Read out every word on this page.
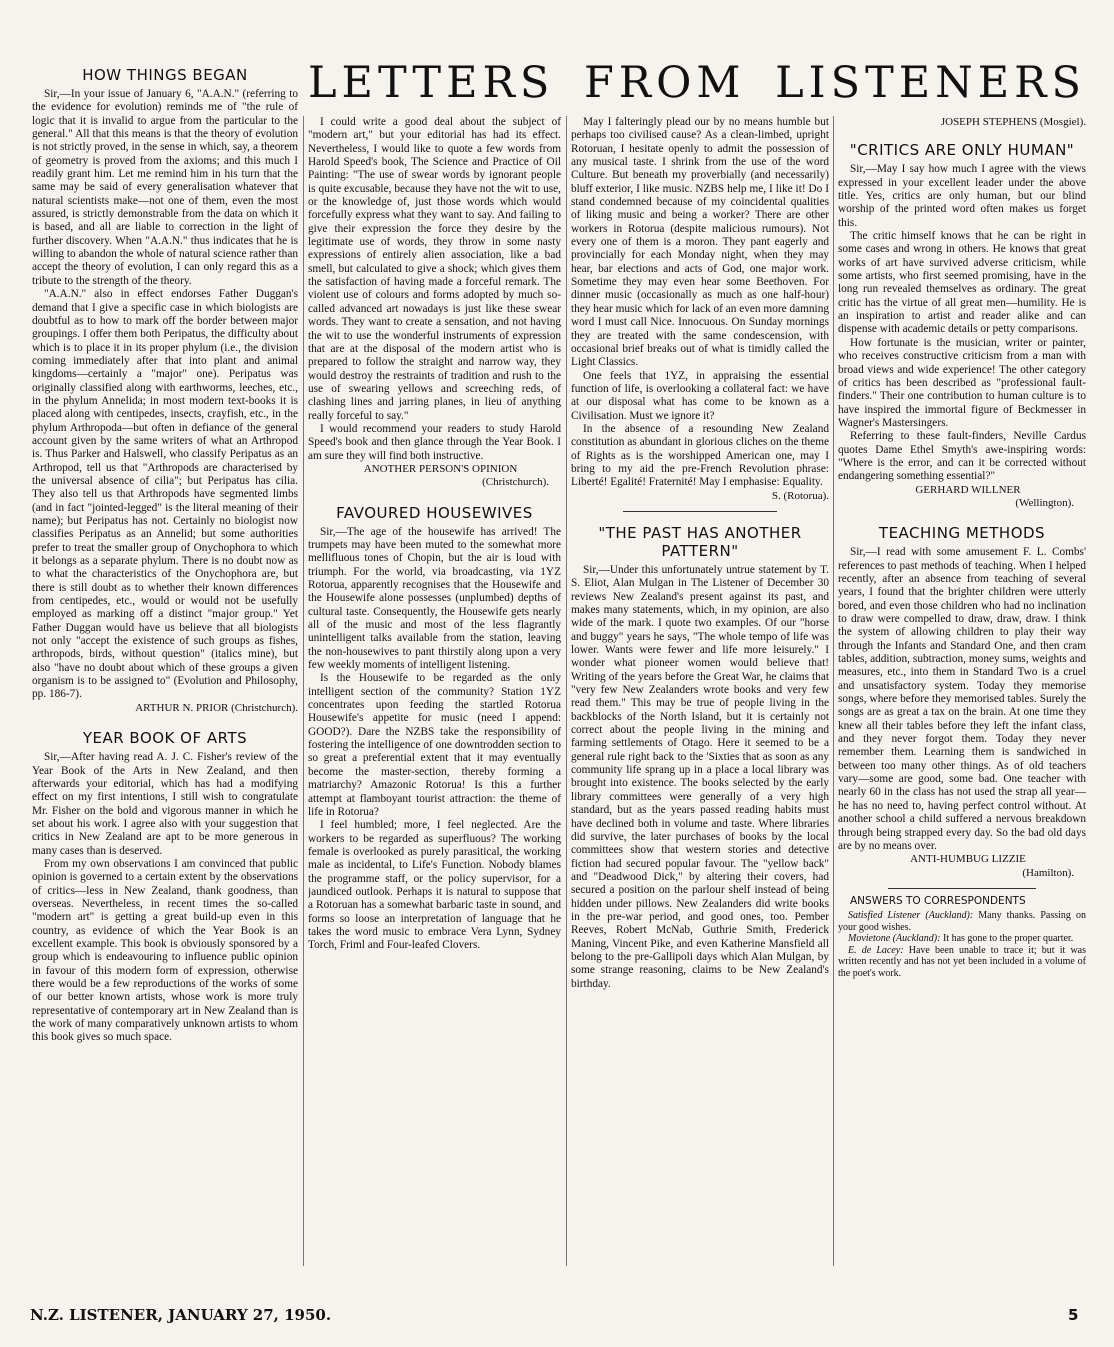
LETTERS FROM LISTENERS
HOW THINGS BEGAN

Sir,—In your issue of January 6, "A.A.N." (referring to the evidence for evolution) reminds me of "the rule of logic that it is invalid to argue from the particular to the general." All that this means is that the theory of evolution is not strictly proved, in the sense in which, say, a theorem of geometry is proved from the axioms; and this much I readily grant him. Let me remind him in his turn that the same may be said of every generalisation whatever that natural scientists make—not one of them, even the most assured, is strictly demonstrable from the data on which it is based, and all are liable to correction in the light of further discovery. When "A.A.N." thus indicates that he is willing to abandon the whole of natural science rather than accept the theory of evolution, I can only regard this as a tribute to the strength of the theory.

"A.A.N." also in effect endorses Father Duggan's demand that I give a specific case in which biologists are doubtful as to how to mark off the border between major groupings. I offer them both Peripatus, the difficulty about which is to place it in its proper phylum (i.e., the division coming immediately after that into plant and animal kingdoms—certainly a "major" one). Peripatus was originally classified along with earthworms, leeches, etc., in the phylum Annelida; in most modern text-books it is placed along with centipedes, insects, crayfish, etc., in the phylum Arthropoda—but often in defiance of the general account given by the same writers of what an Arthropod is. Thus Parker and Halswell, who classify Peripatus as an Arthropod, tell us that "Arthropods are characterised by the universal absence of cilia"; but Peripatus has cilia. They also tell us that Arthropods have segmented limbs (and in fact "jointed-legged" is the literal meaning of their name); but Peripatus has not. Certainly no biologist now classifies Peripatus as an Annelid; but some authorities prefer to treat the smaller group of Onychophora to which it belongs as a separate phylum. There is no doubt now as to what the characteristics of the Onychophora are, but there is still doubt as to whether their known differences from centipedes, etc., would or would not be usefully employed as marking off a distinct "major group." Yet Father Duggan would have us believe that all biologists not only "accept the existence of such groups as fishes, arthropods, birds, without question" (italics mine), but also "have no doubt about which of these groups a given organism is to be assigned to" (Evolution and Philosophy, pp. 186-7).

ARTHUR N. PRIOR (Christchurch).

YEAR BOOK OF ARTS

Sir,—After having read A. J. C. Fisher's review of the Year Book of the Arts in New Zealand, and then afterwards your editorial, which has had a modifying effect on my first intentions, I still wish to congratulate Mr. Fisher on the bold and vigorous manner in which he set about his work. I agree also with your suggestion that critics in New Zealand are apt to be more generous in many cases than is deserved.

From my own observations I am convinced that public opinion is governed to a certain extent by the observations of critics—less in New Zealand, thank goodness, than overseas. Nevertheless, in recent times the so-called "modern art" is getting a great build-up even in this country, as evidence of which the Year Book is an excellent example. This book is obviously sponsored by a group which is endeavouring to influence public opinion in favour of this modern form of expression, otherwise there would be a few reproductions of the works of some of our better known artists, whose work is more truly representative of contemporary art in New Zealand than is the work of many comparatively unknown artists to whom this book gives so much space.

I could write a good deal about the subject of "modern art," but your editorial has had its effect. Nevertheless, I would like to quote a few words from Harold Speed's book, The Science and Practice of Oil Painting: "The use of swear words by ignorant people is quite excusable, because they have not the wit to use, or the knowledge of, just those words which would forcefully express what they want to say. And failing to give their expression the force they desire by the legitimate use of words, they throw in some nasty expressions of entirely alien association, like a bad smell, but calculated to give a shock; which gives them the satisfaction of having made a forceful remark. The violent use of colours and forms adopted by much so-called advanced art nowadays is just like these swear words. They want to create a sensation, and not having the wit to use the wonderful instruments of expression that are at the disposal of the modern artist who is prepared to follow the straight and narrow way, they would destroy the restraints of tradition and rush to the use of swearing yellows and screeching reds, of clashing lines and jarring planes, in lieu of anything really forceful to say."

I would recommend your readers to study Harold Speed's book and then glance through the Year Book. I am sure they will find both instructive.

ANOTHER PERSON'S OPINION
(Christchurch).

FAVOURED HOUSEWIVES

Sir,—The age of the housewife has arrived! The trumpets may have been muted to the somewhat more mellifluous tones of Chopin, but the air is loud with triumph. For the world, via broadcasting, via 1YZ Rotorua, apparently recognises that the Housewife and the Housewife alone possesses (unplumbed) depths of cultural taste. Consequently, the Housewife gets nearly all of the music and most of the less flagrantly unintelligent talks available from the station, leaving the non-housewives to pant thirstily along upon a very few weekly moments of intelligent listening.

Is the Housewife to be regarded as the only intelligent section of the community? Station 1YZ concentrates upon feeding the startled Rotorua Housewife's appetite for music (need I append: GOOD?). Dare the NZBS take the responsibility of fostering the intelligence of one downtrodden section to so great a preferential extent that it may eventually become the master-section, thereby forming a matriarchy? Amazonic Rotorua! Is this a further attempt at flamboyant tourist attraction: the theme of life in Rotorua?

I feel humbled; more, I feel neglected. Are the workers to be regarded as superfluous? The working female is overlooked as purely parasitical, the working male as incidental, to Life's Function. Nobody blames the programme staff, or the policy supervisor, for a jaundiced outlook. Perhaps it is natural to suppose that a Rotoruan has a somewhat barbaric taste in sound, and forms so loose an interpretation of language that he takes the word music to embrace Vera Lynn, Sydney Torch, Friml and Four-leafed Clovers.

May I falteringly plead our by no means humble but perhaps too civilised cause? As a clean-limbed, upright Rotoruan, I hesitate openly to admit the possession of any musical taste. I shrink from the use of the word Culture. But beneath my proverbially (and necessarily) bluff exterior, I like music. NZBS help me, I like it! Do I stand condemned because of my coincidental qualities of liking music and being a worker? There are other workers in Rotorua (despite malicious rumours). Not every one of them is a moron. They pant eagerly and provincially for each Monday night, when they may hear, bar elections and acts of God, one major work. Sometime they may even hear some Beethoven. For dinner music (occasionally as much as one half-hour) they hear music which for lack of an even more damning word I must call Nice. Innocuous. On Sunday mornings they are treated with the same condescension, with occasional brief breaks out of what is timidly called the Light Classics.

One feels that 1YZ, in appraising the essential function of life, is overlooking a collateral fact: we have at our disposal what has come to be known as a Civilisation. Must we ignore it?

In the absence of a resounding New Zealand constitution as abundant in glorious cliches on the theme of Rights as is the worshipped American one, may I bring to my aid the pre-French Revolution phrase: Liberté! Egalité! Fraternité! May I emphasise: Equality.

S. (Rotorua).

"THE PAST HAS ANOTHER PATTERN"

Sir,—Under this unfortunately untrue statement by T. S. Eliot, Alan Mulgan in The Listener of December 30 reviews New Zealand's present against its past, and makes many statements, which, in my opinion, are also wide of the mark. I quote two examples. Of our "horse and buggy" years he says, "The whole tempo of life was lower. Wants were fewer and life more leisurely." I wonder what pioneer women would believe that! Writing of the years before the Great War, he claims that "very few New Zealanders wrote books and very few read them." This may be true of people living in the backblocks of the North Island, but it is certainly not correct about the people living in the mining and farming settlements of Otago. Here it seemed to be a general rule right back to the 'Sixties that as soon as any community life sprang up in a place a local library was brought into existence. The books selected by the early library committees were generally of a very high standard, but as the years passed reading habits must have declined both in volume and taste. Where libraries did survive, the later purchases of books by the local committees show that western stories and detective fiction had secured popular favour. The "yellow back" and "Deadwood Dick," by altering their covers, had secured a position on the parlour shelf instead of being hidden under pillows. New Zealanders did write books in the pre-war period, and good ones, too. Pember Reeves, Robert McNab, Guthrie Smith, Frederick Maning, Vincent Pike, and even Katherine Mansfield all belong to the pre-Gallipoli days which Alan Mulgan, by some strange reasoning, claims to be New Zealand's birthday.

JOSEPH STEPHENS (Mosgiel).

"CRITICS ARE ONLY HUMAN"

Sir,—May I say how much I agree with the views expressed in your excellent leader under the above title. Yes, critics are only human, but our blind worship of the printed word often makes us forget this.

The critic himself knows that he can be right in some cases and wrong in others. He knows that great works of art have survived adverse criticism, while some artists, who first seemed promising, have in the long run revealed themselves as ordinary. The great critic has the virtue of all great men—humility. He is an inspiration to artist and reader alike and can dispense with academic details or petty comparisons.

How fortunate is the musician, writer or painter, who receives constructive criticism from a man with broad views and wide experience! The other category of critics has been described as "professional fault-finders." Their one contribution to human culture is to have inspired the immortal figure of Beckmesser in Wagner's Mastersingers.

Referring to these fault-finders, Neville Cardus quotes Dame Ethel Smyth's awe-inspiring words: "Where is the error, and can it be corrected without endangering something essential?"

GERHARD WILLNER
(Wellington).

TEACHING METHODS

Sir,—I read with some amusement F. L. Combs' references to past methods of teaching. When I helped recently, after an absence from teaching of several years, I found that the brighter children were utterly bored, and even those children who had no inclination to draw were compelled to draw, draw, draw. I think the system of allowing children to play their way through the Infants and Standard One, and then cram tables, addition, subtraction, money sums, weights and measures, etc., into them in Standard Two is a cruel and unsatisfactory system. Today they memorise songs, where before they memorised tables. Surely the songs are as great a tax on the brain. At one time they knew all their tables before they left the infant class, and they never forgot them. Today they never remember them. Learning them is sandwiched in between too many other things. As of old teachers vary—some are good, some bad. One teacher with nearly 60 in the class has not used the strap all year—he has no need to, having perfect control without. At another school a child suffered a nervous breakdown through being strapped every day. So the bad old days are by no means over.

ANTI-HUMBUG LIZZIE
(Hamilton).

ANSWERS TO CORRESPONDENTS

Satisfied Listener (Auckland): Many thanks. Passing on your good wishes.

Movietone (Auckland): It has gone to the proper quarter.

E. de Lacey: Have been unable to trace it; but it was written recently and has not yet been included in a volume of the poet's work.

N.Z. LISTENER, JANUARY 27, 1950.	5
